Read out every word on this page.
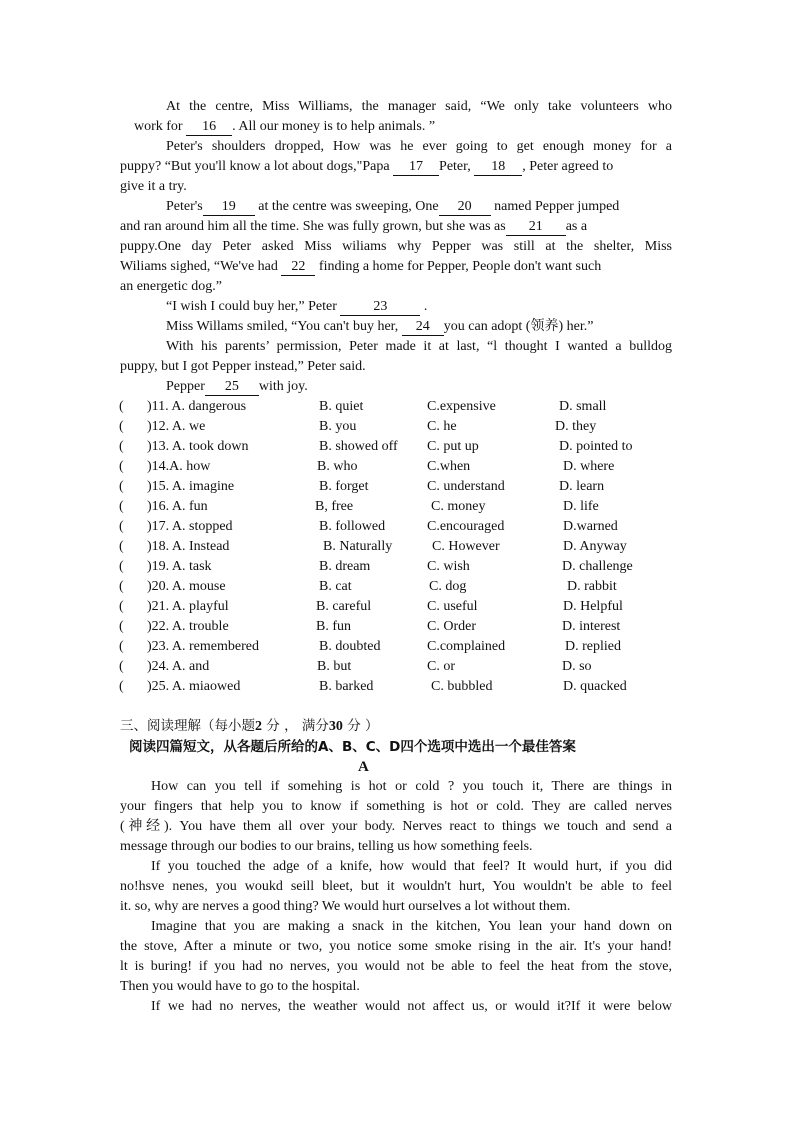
At the centre, Miss Williams, the manager said, “We only take volunteers who
work for 16 . All our money is to help animals. ”
Peter's shoulders dropped, How was he ever going to get enough money for a
puppy? “But you'll know a lot about dogs,"Papa 17 Peter, 18 , Peter agreed to
give it a try.
Peter's 19 at the centre was sweeping, One 20 named Pepper jumped
and ran around him all the time. She was fully grown, but she was as 21 as a
puppy.One day Peter asked Miss wiliams why Pepper was still at the shelter, Miss
Wiliams sighed, “We've had 22 finding a home for Pepper, People don't want such
an energetic dog.”
“I wish I could buy her,” Peter	23	.
Miss Willams smiled, “You can't buy her, 24 you can adopt (领养) her.”
With his parents’ permission, Peter made it at last, “l thought I wanted a bulldog
puppy, but I got Pepper instead,” Peter said.
Pepper 25 with joy.
( )11. A. dangerous	B. quiet	C.expensive	D. small
( )12. A. we	B. you	C. he	D. they
( )13. A. took down	B. showed off C. put up	D. pointed to
( )14.A. how	B. who	C.when	D. where
( )15. A. imagine	B. forget	C. understand	D. learn
( )16. A. fun	B, free	C. money	D. life
( )17. A. stopped	B. followed	C.encouraged	D.warned
( )18. A. Instead	B. Naturally	C. However	D. Anyway
( )19. A. task	B. dream	C. wish	D. challenge
( )20. A. mouse	B. cat	C. dog	D. rabbit
( )21. A. playful	B. careful	C. useful	D. Helpful
( )22. A. trouble	B. fun	C. Order	D. interest
( )23. A. remembered	B. doubted	C.complained	D. replied
( )24. A. and	B. but	C. or	D. so
( )25. A. miaowed	B. barked	C. bubbled	D. quacked
三、阅读理解（每小题2 分 ， 满分30 分 ）
阅读四篇短文，从各题后所给的A、B、C、D四个选项中选出一个最佳答案
A
How can you tell if somehing is hot or cold ? you touch it, There are things in
your fingers that help you to know if something is hot or cold. They are called nerves
(神经). You have them all over your body. Nerves react to things we touch and send a
message through our bodies to our brains, telling us how something feels.
If you touched the adge of a knife, how would that feel? It would hurt, if you did
no!hsve nenes, you woukd seill bleet, but it wouldn't hurt, You wouldn't be able to feel
it. so, why are nerves a good thing? We would hurt ourselves a lot without them.
Imagine that you are making a snack in the kitchen, You lean your hand down on
the stove, After a minute or two, you notice some smoke rising in the air. It's your hand!
lt is buring! if you had no nerves, you would not be able to feel the heat from the stove,
Then you would have to go to the hospital.
If we had no nerves, the weather would not affect us, or would it?If it were below
